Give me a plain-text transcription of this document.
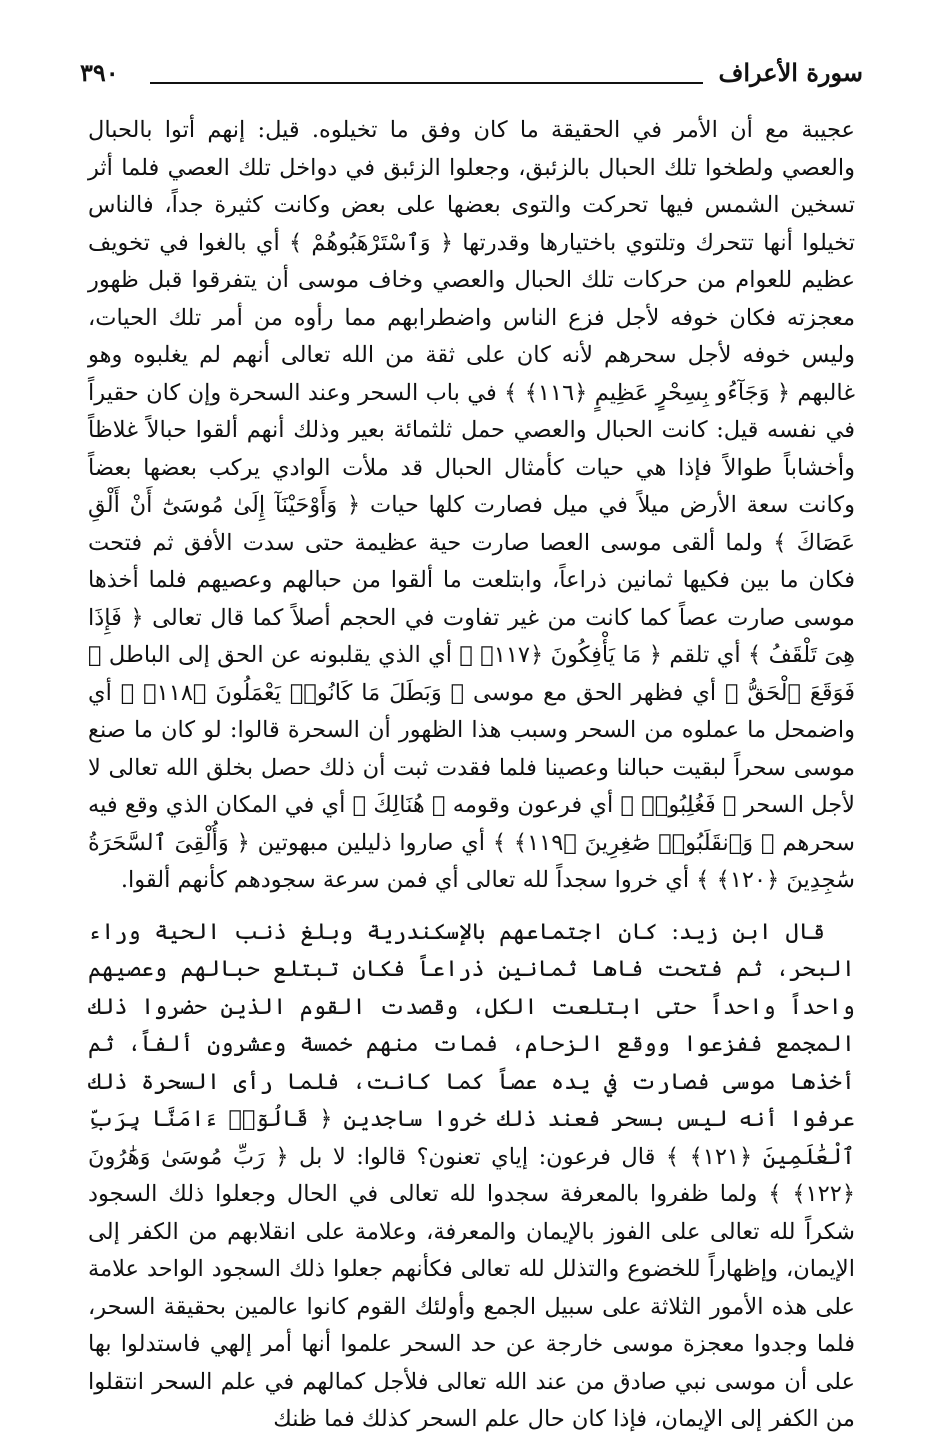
٣٩٠	سورة الأعراف

عجيبة مع أن الأمر في الحقيقة ما كان وفق ما تخيلوه. قيل: إنهم أتوا بالحبال والعصي ولطخوا تلك الحبال بالزئبق، وجعلوا الزئبق في دواخل تلك العصي فلما أثر تسخين الشمس فيها تحركت والتوى بعضها على بعض وكانت كثيرة جداً، فالناس تخيلوا أنها تتحرك وتلتوي باختيارها وقدرتها ﴿ وَٱسْتَرْهَبُوهُمْ ﴾ أي بالغوا في تخويف عظيم للعوام من حركات تلك الحبال والعصي وخاف موسى أن يتفرقوا قبل ظهور معجزته فكان خوفه لأجل فزع الناس واضطرابهم مما رأوه من أمر تلك الحيات، وليس خوفه لأجل سحرهم لأنه كان على ثقة من الله تعالى أنهم لم يغلبوه وهو غالبهم ﴿ وَجَآءُو بِسِحْرٍ عَظِيمٍ ﴿١١٦﴾ ﴾ في باب السحر وعند السحرة وإن كان حقيراً في نفسه قيل: كانت الحبال والعصي حمل ثلثمائة بعير وذلك أنهم ألقوا حبالاً غلاظاً وأخشاباً طوالاً فإذا هي حيات كأمثال الحبال قد ملأت الوادي يركب بعضها بعضاً وكانت سعة الأرض ميلاً في ميل فصارت كلها حيات ﴿ وَأَوْحَيْنَآ إِلَىٰ مُوسَىٰٓ أَنْ أَلْقِ عَصَاكَ ﴾ ولما ألقى موسى العصا صارت حية عظيمة حتى سدت الأفق ثم فتحت فكان ما بين فكيها ثمانين ذراعاً، وابتلعت ما ألقوا من حبالهم وعصيهم فلما أخذها موسى صارت عصاً كما كانت من غير تفاوت في الحجم أصلاً كما قال تعالى ﴿ فَإِذَا هِىَ تَلْقَفُ ﴾ أي تلقم ﴿ مَا يَأْفِكُونَ ﴿١١٧﴾ ﴾ أي الذي يقلبونه عن الحق إلى الباطل ﴿ فَوَقَعَ ٱلْحَقُّ ﴾ أي فظهر الحق مع موسى ﴿ وَبَطَلَ مَا كَانُوا۟ يَعْمَلُونَ ﴿١١٨﴾ ﴾ أي واضمحل ما عملوه من السحر وسبب هذا الظهور أن السحرة قالوا: لو كان ما صنع موسى سحراً لبقيت حبالنا وعصينا فلما فقدت ثبت أن ذلك حصل بخلق الله تعالى لا لأجل السحر ﴿ فَغُلِبُوا۟ ﴾ أي فرعون وقومه ﴿ هُنَالِكَ ﴾ أي في المكان الذي وقع فيه سحرهم ﴿ وَٱنقَلَبُوا۟ صَٰغِرِينَ ﴿١١٩﴾ ﴾ أي صاروا ذليلين مبهوتين ﴿ وَأُلْقِىَ ٱلسَّحَرَةُ سَٰجِدِينَ ﴿١٢٠﴾ ﴾ أي خروا سجداً لله تعالى أي فمن سرعة سجودهم كأنهم ألقوا.

قال ابن زيد: كان اجتماعهم بالإسكندرية وبلغ ذنب الحية وراء البحر، ثم فتحت فاها ثمانين ذراعاً فكان تبتلع حبالهم وعصيهم واحداً واحداً حتى ابتلعت الكل، وقصدت القوم الذين حضروا ذلك المجمع ففزعوا ووقع الزحام، فمات منهم خمسة وعشرون ألفاً، ثم أخذها موسى فصارت في يده عصاً كما كانت، فلما رأى السحرة ذلك عرفوا أنه ليس بسحر فعند ذلك خروا ساجدين ﴿ قَالُوٓا۟ ءَامَنَّا بِرَبِّ ٱلْعَٰلَمِينَ ﴿١٢١﴾ ﴾ قال فرعون: إياي تعنون؟ قالوا: لا بل ﴿ رَبِّ مُوسَىٰ وَهَٰرُونَ ﴿١٢٢﴾ ﴾ ولما ظفروا بالمعرفة سجدوا لله تعالى في الحال وجعلوا ذلك السجود شكراً لله تعالى على الفوز بالإيمان والمعرفة، وعلامة على انقلابهم من الكفر إلى الإيمان، وإظهاراً للخضوع والتذلل لله تعالى فكأنهم جعلوا ذلك السجود الواحد علامة على هذه الأمور الثلاثة على سبيل الجمع وأولئك القوم كانوا عالمين بحقيقة السحر، فلما وجدوا معجزة موسى خارجة عن حد السحر علموا أنها أمر إلهي فاستدلوا بها على أن موسى نبي صادق من عند الله تعالى فلأجل كمالهم في علم السحر انتقلوا من الكفر إلى الإيمان، فإذا كان حال علم السحر كذلك فما ظنك
